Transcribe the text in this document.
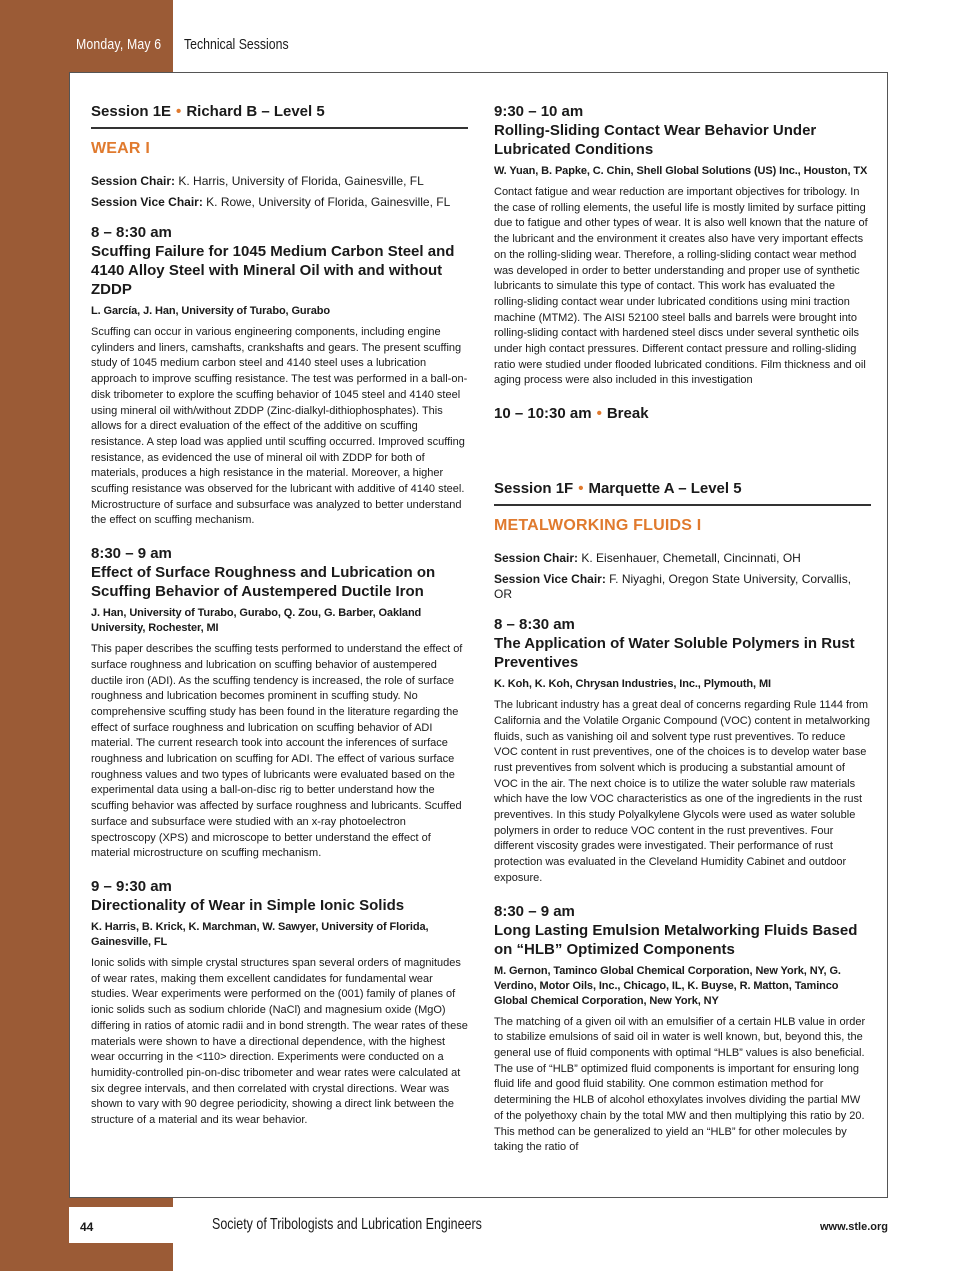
Monday, May 6 Technical Sessions
Session 1E • Richard B – Level 5
WEAR I
Session Chair: K. Harris, University of Florida, Gainesville, FL
Session Vice Chair: K. Rowe, University of Florida, Gainesville, FL
8 – 8:30 am
Scuffing Failure for 1045 Medium Carbon Steel and 4140 Alloy Steel with Mineral Oil with and without ZDDP
L. García, J. Han, University of Turabo, Gurabo

Scuffing can occur in various engineering components, including engine cylinders and liners, camshafts, crankshafts and gears. The present scuffing study of 1045 medium carbon steel and 4140 steel uses a lubrication approach to improve scuffing resistance. The test was performed in a ball-on-disk tribometer to explore the scuffing behavior of 1045 steel and 4140 steel using mineral oil with/without ZDDP (Zinc-dialkyl-dithiophosphates). This allows for a direct evaluation of the effect of the additive on scuffing resistance. A step load was applied until scuffing occurred. Improved scuffing resistance, as evidenced the use of mineral oil with ZDDP for both of materials, produces a high resistance in the material. Moreover, a higher scuffing resistance was observed for the lubricant with additive of 4140 steel. Microstructure of surface and subsurface was analyzed to better understand the effect on scuffing mechanism.

8:30 – 9 am
Effect of Surface Roughness and Lubrication on Scuffing Behavior of Austempered Ductile Iron
J. Han, University of Turabo, Gurabo, Q. Zou, G. Barber, Oakland University, Rochester, MI

This paper describes the scuffing tests performed to understand the effect of surface roughness and lubrication on scuffing behavior of austempered ductile iron (ADI). As the scuffing tendency is increased, the role of surface roughness and lubrication becomes prominent in scuffing study. No comprehensive scuffing study has been found in the literature regarding the effect of surface roughness and lubrication on scuffing behavior of ADI material. The current research took into account the inferences of surface roughness and lubrication on scuffing for ADI. The effect of various surface roughness values and two types of lubricants were evaluated based on the experimental data using a ball-on-disc rig to better understand how the scuffing behavior was affected by surface roughness and lubricants. Scuffed surface and subsurface were studied with an x-ray photoelectron spectroscopy (XPS) and microscope to better understand the effect of material microstructure on scuffing mechanism.

9 – 9:30 am
Directionality of Wear in Simple Ionic Solids
K. Harris, B. Krick, K. Marchman, W. Sawyer, University of Florida, Gainesville, FL

Ionic solids with simple crystal structures span several orders of magnitudes of wear rates, making them excellent candidates for fundamental wear studies. Wear experiments were performed on the (001) family of planes of ionic solids such as sodium chloride (NaCl) and magnesium oxide (MgO) differing in ratios of atomic radii and in bond strength. The wear rates of these materials were shown to have a directional dependence, with the highest wear occurring in the <110> direction. Experiments were conducted on a humidity-controlled pin-on-disc tribometer and wear rates were calculated at six degree intervals, and then correlated with crystal directions. Wear was shown to vary with 90 degree periodicity, showing a direct link between the structure of a material and its wear behavior.

9:30 – 10 am
Rolling-Sliding Contact Wear Behavior Under Lubricated Conditions
W. Yuan, B. Papke, C. Chin, Shell Global Solutions (US) Inc., Houston, TX

Contact fatigue and wear reduction are important objectives for tribology. In the case of rolling elements, the useful life is mostly limited by surface pitting due to fatigue and other types of wear. It is also well known that the nature of the lubricant and the environment it creates also have very important effects on the rolling-sliding wear. Therefore, a rolling-sliding contact wear method was developed in order to better understanding and proper use of synthetic lubricants to simulate this type of contact. This work has evaluated the rolling-sliding contact wear under lubricated conditions using mini traction machine (MTM2). The AISI 52100 steel balls and barrels were brought into rolling-sliding contact with hardened steel discs under several synthetic oils under high contact pressures. Different contact pressure and rolling-sliding ratio were studied under flooded lubricated conditions. Film thickness and oil aging process were also included in this investigation

10 – 10:30 am • Break
Session 1F • Marquette A – Level 5
METALWORKING FLUIDS I
Session Chair: K. Eisenhauer, Chemetall, Cincinnati, OH
Session Vice Chair: F. Niyaghi, Oregon State University, Corvallis, OR
8 – 8:30 am
The Application of Water Soluble Polymers in Rust Preventives
K. Koh, K. Koh, Chrysan Industries, Inc., Plymouth, MI

The lubricant industry has a great deal of concerns regarding Rule 1144 from California and the Volatile Organic Compound (VOC) content in metalworking fluids, such as vanishing oil and solvent type rust preventives. To reduce VOC content in rust preventives, one of the choices is to develop water base rust preventives from solvent which is producing a substantial amount of VOC in the air. The next choice is to utilize the water soluble raw materials which have the low VOC characteristics as one of the ingredients in the rust preventives. In this study Polyalkylene Glycols were used as water soluble polymers in order to reduce VOC content in the rust preventives. Four different viscosity grades were investigated. Their performance of rust protection was evaluated in the Cleveland Humidity Cabinet and outdoor exposure.

8:30 – 9 am
Long Lasting Emulsion Metalworking Fluids Based on “HLB” Optimized Components
M. Gernon, Taminco Global Chemical Corporation, New York, NY, G. Verdino, Motor Oils, Inc., Chicago, IL, K. Buyse, R. Matton, Taminco Global Chemical Corporation, New York, NY

The matching of a given oil with an emulsifier of a certain HLB value in order to stabilize emulsions of said oil in water is well known, but, beyond this, the general use of fluid components with optimal “HLB” values is also beneficial. The use of “HLB” optimized fluid components is important for ensuring long fluid life and good fluid stability. One common estimation method for determining the HLB of alcohol ethoxylates involves dividing the partial MW of the polyethoxy chain by the total MW and then multiplying this ratio by 20. This method can be generalized to yield an “HLB” for other molecules by taking the ratio of

44	Society of Tribologists and Lubrication Engineers	www.stle.org
